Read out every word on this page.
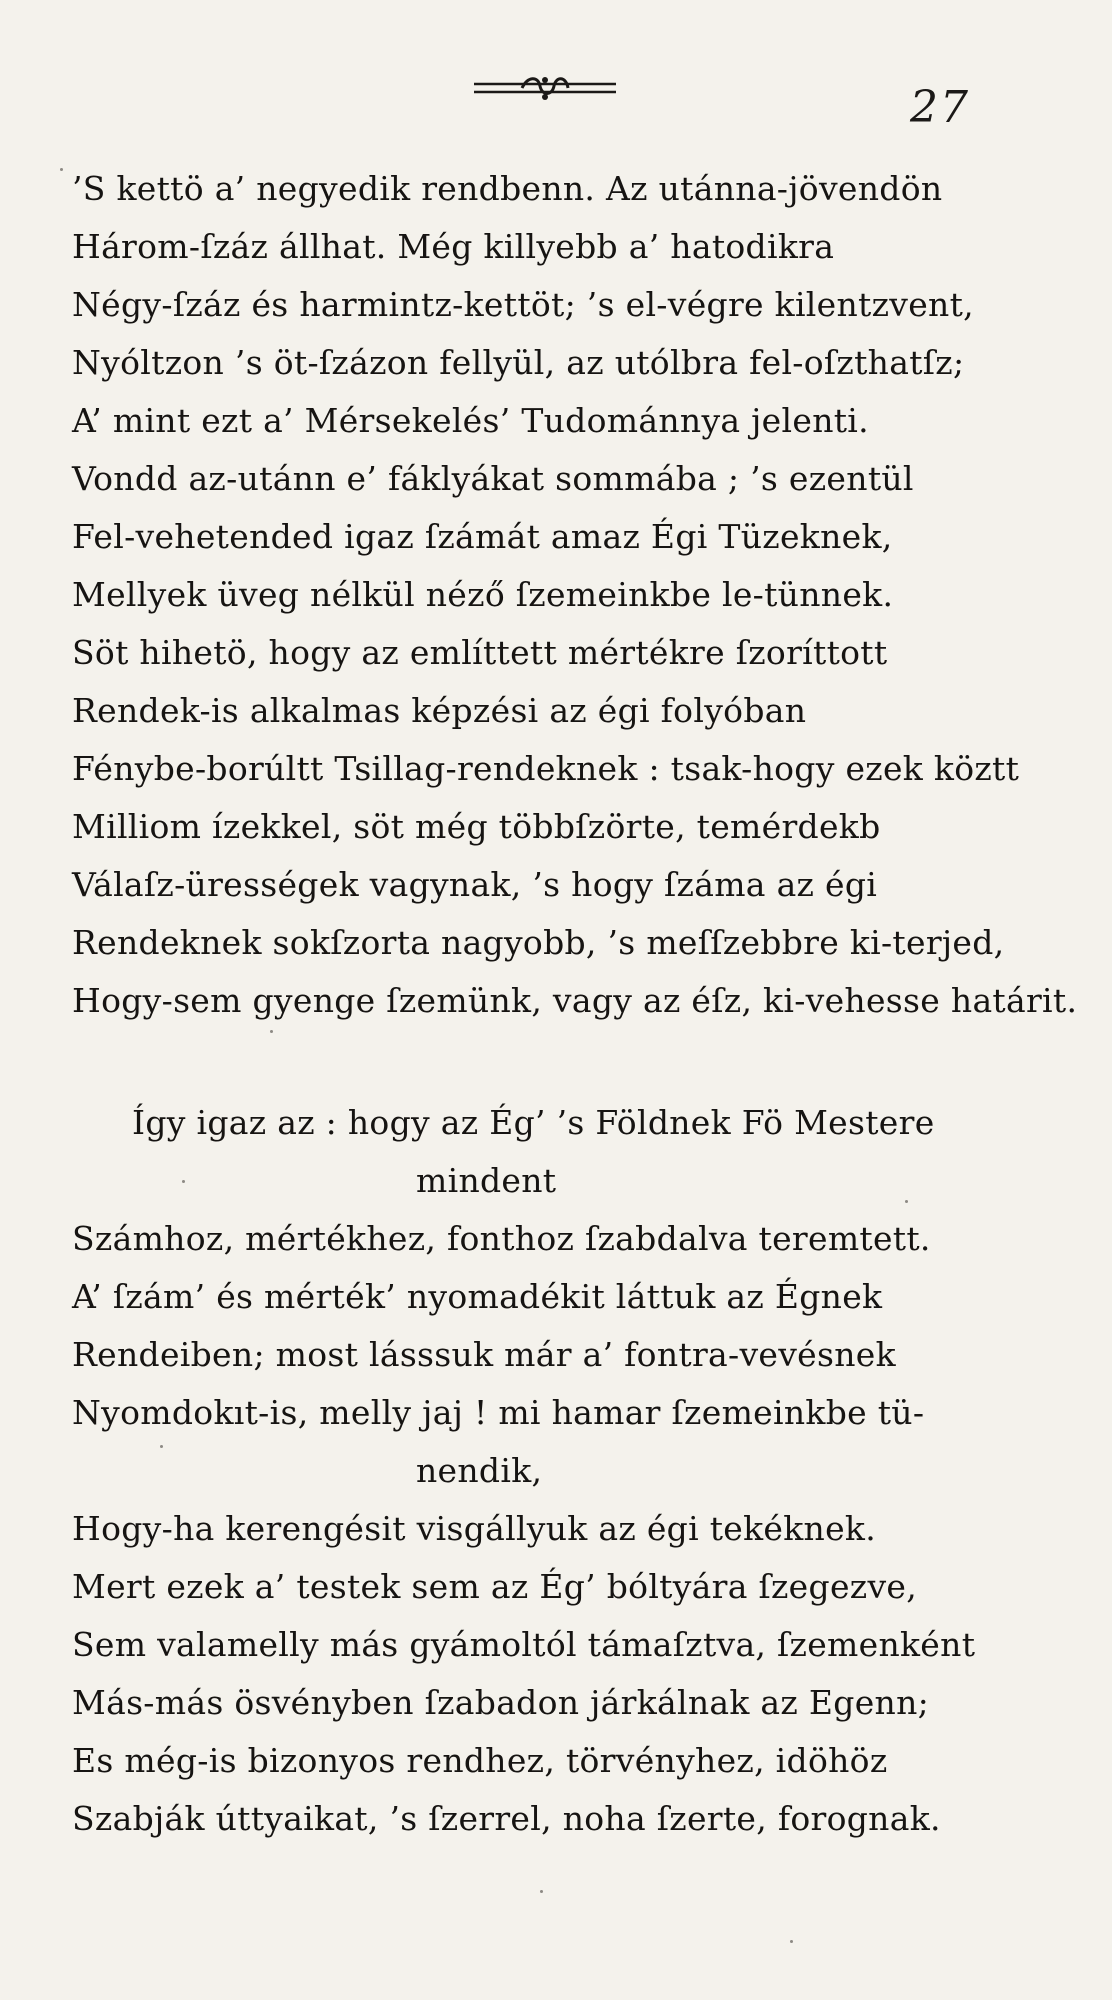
27
’S kettö a’ negyedik rendbenn. Az utánna-jövendön
Három-ſzáz állhat. Még killyebb a’ hatodikra
Négy-ſzáz és harmintz-kettöt; ’s el-végre kilentzvent,
Nyóltzon ’s öt-ſzázon fellyül, az utólbra fel-oſzthatſz;
A’ mint ezt a’ Mérsekelés’ Tudománnya jelenti.
Vondd az-utánn e’ fáklyákat sommába ; ’s ezentül
Fel-vehetended igaz ſzámát amaz Égi Tüzeknek,
Mellyek üveg nélkül néző ſzemeinkbe le-tünnek.
Söt hihetö, hogy az említtett mértékre ſzoríttott
Rendek-is alkalmas képzési az égi folyóban
Fénybe-borúltt Tsillag-rendeknek : tsak-hogy ezek köztt
Milliom ízekkel, söt még többſzörte, temérdekb
Válaſz-ürességek vagynak, ’s hogy ſzáma az égi
Rendeknek sokſzorta nagyobb, ’s meſſzebbre ki-terjed,
Hogy-sem gyenge ſzemünk, vagy az éſz, ki-vehesse határit.
Így igaz az : hogy az Ég’ ’s Földnek Fö Mestere
mindent
Számhoz, mértékhez, fonthoz ſzabdalva teremtett.
A’ ſzám’ és mérték’ nyomadékit láttuk az Égnek
Rendeiben; most lásssuk már a’ fontra-vevésnek
Nyomdokıt-is, melly jaj ! mi hamar ſzemeinkbe tü-
nendik,
Hogy-ha kerengésit visgállyuk az égi tekéknek.
Mert ezek a’ testek sem az Ég’ bóltyára ſzegezve,
Sem valamelly más gyámoltól támaſztva, ſzemenként
Más-más ösvényben ſzabadon járkálnak az Egenn;
Es még-is bizonyos rendhez, törvényhez, idöhöz
Szabják úttyaikat, ’s ſzerrel, noha ſzerte, forognak.
